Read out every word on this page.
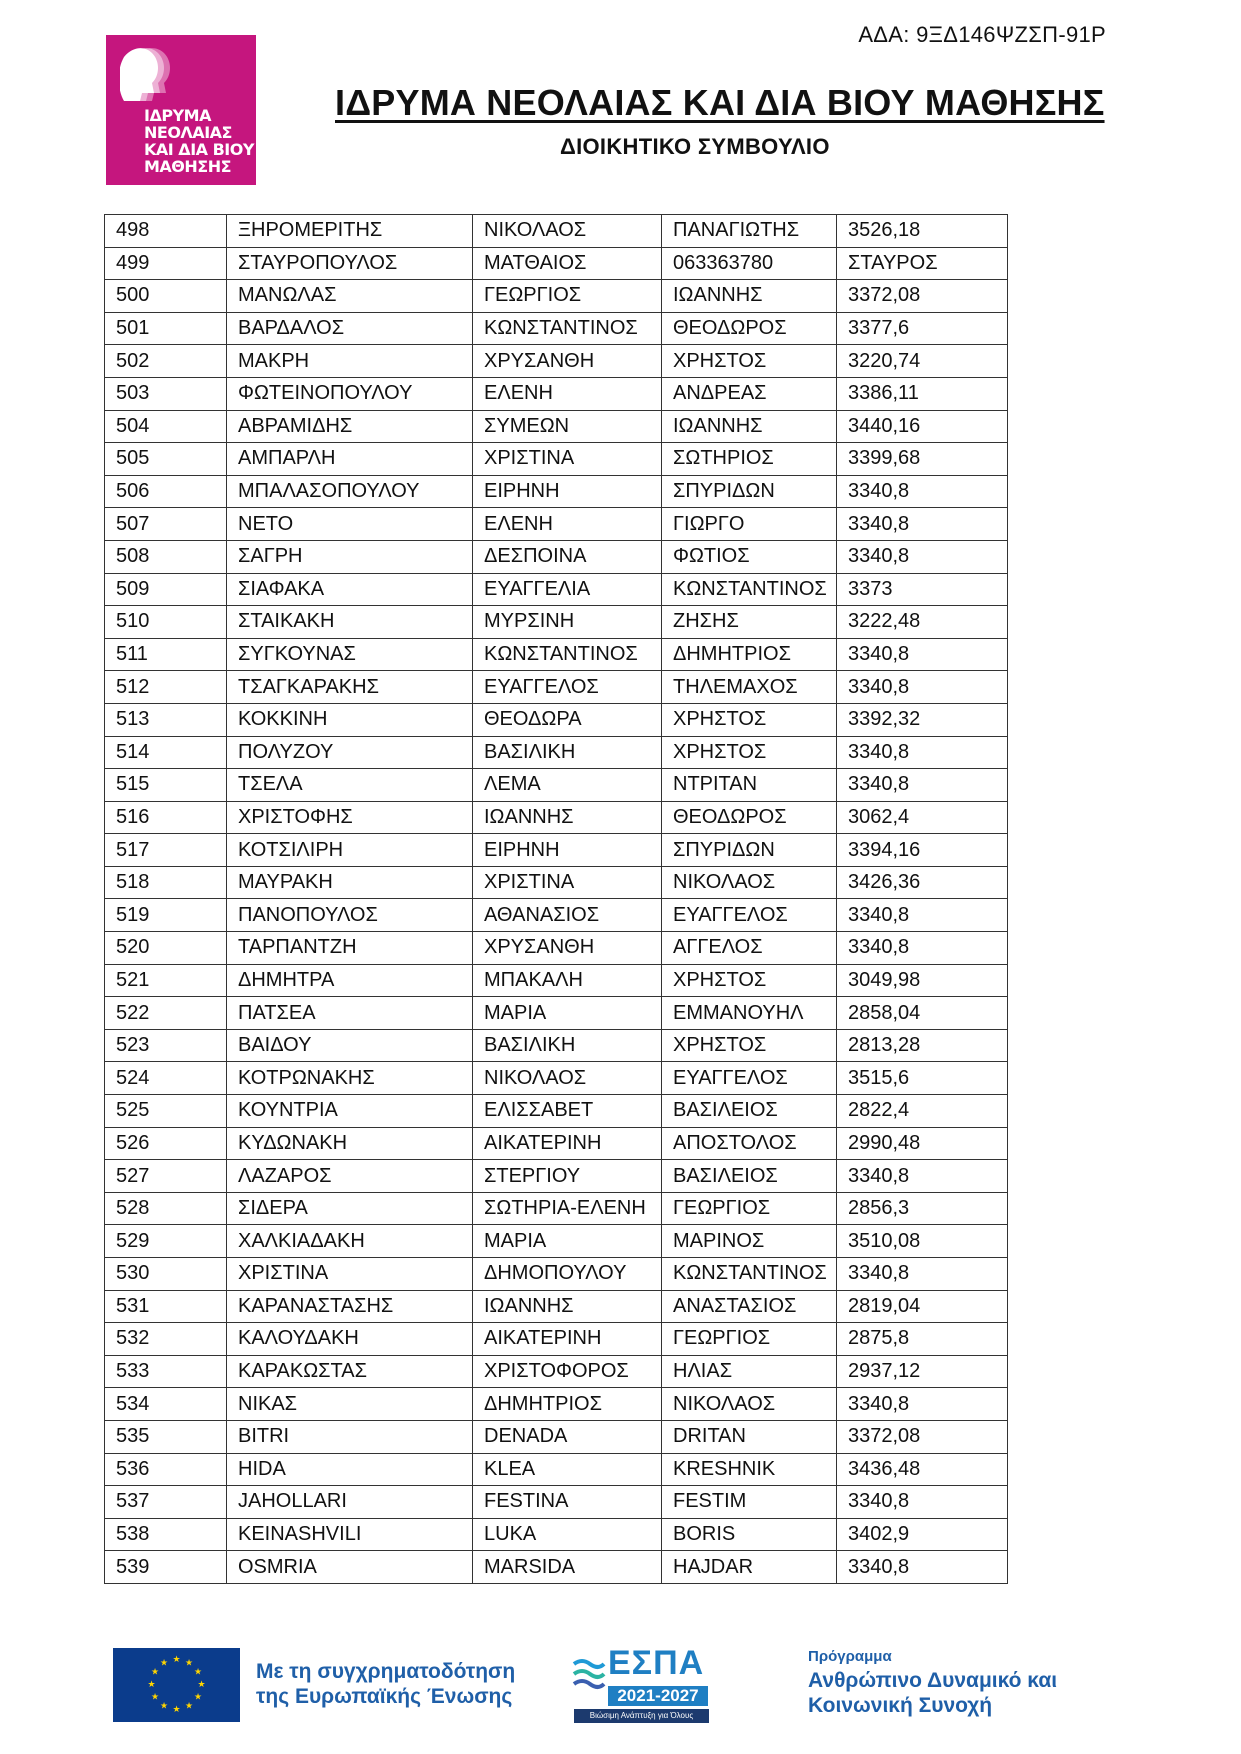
ΑΔΑ: 9ΞΔ146ΨΖΣΠ-91Ρ
ΙΔΡΥΜΑ
ΝΕΟΛΑΙΑΣ
ΚΑΙ ΔΙΑ ΒΙΟΥ
ΜΑΘΗΣΗΣ
ΙΔΡΥΜΑ ΝΕΟΛΑΙΑΣ ΚΑΙ ΔΙΑ ΒΙΟΥ ΜΑΘΗΣΗΣ
ΔΙΟΙΚΗΤΙΚΟ ΣΥΜΒΟΥΛΙΟ
498	ΞΗΡΟΜΕΡΙΤΗΣ	ΝΙΚΟΛΑΟΣ	ΠΑΝΑΓΙΩΤΗΣ	3526,18
499	ΣΤΑΥΡΟΠΟΥΛΟΣ	ΜΑΤΘΑΙΟΣ	063363780	ΣΤΑΥΡΟΣ
500	ΜΑΝΩΛΑΣ	ΓΕΩΡΓΙΟΣ	ΙΩΑΝΝΗΣ	3372,08
501	ΒΑΡΔΑΛΟΣ	ΚΩΝΣΤΑΝΤΙΝΟΣ	ΘΕΟΔΩΡΟΣ	3377,6
502	ΜΑΚΡΗ	ΧΡΥΣΑΝΘΗ	ΧΡΗΣΤΟΣ	3220,74
503	ΦΩΤΕΙΝΟΠΟΥΛΟΥ	ΕΛΕΝΗ	ΑΝΔΡΕΑΣ	3386,11
504	ΑΒΡΑΜΙΔΗΣ	ΣΥΜΕΩΝ	ΙΩΑΝΝΗΣ	3440,16
505	ΑΜΠΑΡΛΗ	ΧΡΙΣΤΙΝΑ	ΣΩΤΗΡΙΟΣ	3399,68
506	ΜΠΑΛΑΣΟΠΟΥΛΟΥ	ΕΙΡΗΝΗ	ΣΠΥΡΙΔΩΝ	3340,8
507	ΝΕΤΟ	ΕΛΕΝΗ	ΓΙΩΡΓΟ	3340,8
508	ΣΑΓΡΗ	ΔΕΣΠΟΙΝΑ	ΦΩΤΙΟΣ	3340,8
509	ΣΙΑΦΑΚΑ	ΕΥΑΓΓΕΛΙΑ	ΚΩΝΣΤΑΝΤΙΝΟΣ	3373
510	ΣΤΑΙΚΑΚΗ	ΜΥΡΣΙΝΗ	ΖΗΣΗΣ	3222,48
511	ΣΥΓΚΟΥΝΑΣ	ΚΩΝΣΤΑΝΤΙΝΟΣ	ΔΗΜΗΤΡΙΟΣ	3340,8
512	ΤΣΑΓΚΑΡΑΚΗΣ	ΕΥΑΓΓΕΛΟΣ	ΤΗΛΕΜΑΧΟΣ	3340,8
513	ΚΟΚΚΙΝΗ	ΘΕΟΔΩΡΑ	ΧΡΗΣΤΟΣ	3392,32
514	ΠΟΛΥΖΟΥ	ΒΑΣΙΛΙΚΗ	ΧΡΗΣΤΟΣ	3340,8
515	ΤΣΕΛΑ	ΛΕΜΑ	ΝΤΡΙΤΑΝ	3340,8
516	ΧΡΙΣΤΟΦΗΣ	ΙΩΑΝΝΗΣ	ΘΕΟΔΩΡΟΣ	3062,4
517	ΚΟΤΣΙΛΙΡΗ	ΕΙΡΗΝΗ	ΣΠΥΡΙΔΩΝ	3394,16
518	ΜΑΥΡΑΚΗ	ΧΡΙΣΤΙΝΑ	ΝΙΚΟΛΑΟΣ	3426,36
519	ΠΑΝΟΠΟΥΛΟΣ	ΑΘΑΝΑΣΙΟΣ	ΕΥΑΓΓΕΛΟΣ	3340,8
520	ΤΑΡΠΑΝΤΖΗ	ΧΡΥΣΑΝΘΗ	ΑΓΓΕΛΟΣ	3340,8
521	ΔΗΜΗΤΡΑ	ΜΠΑΚΑΛΗ	ΧΡΗΣΤΟΣ	3049,98
522	ΠΑΤΣΕΑ	ΜΑΡΙΑ	ΕΜΜΑΝΟΥΗΛ	2858,04
523	ΒΑΙΔΟΥ	ΒΑΣΙΛΙΚΗ	ΧΡΗΣΤΟΣ	2813,28
524	ΚΟΤΡΩΝΑΚΗΣ	ΝΙΚΟΛΑΟΣ	ΕΥΑΓΓΕΛΟΣ	3515,6
525	ΚΟΥΝΤΡΙΑ	ΕΛΙΣΣΑΒΕΤ	ΒΑΣΙΛΕΙΟΣ	2822,4
526	ΚΥΔΩΝΑΚΗ	ΑΙΚΑΤΕΡΙΝΗ	ΑΠΟΣΤΟΛΟΣ	2990,48
527	ΛΑΖΑΡΟΣ	ΣΤΕΡΓΙΟΥ	ΒΑΣΙΛΕΙΟΣ	3340,8
528	ΣΙΔΕΡΑ	ΣΩΤΗΡΙΑ-ΕΛΕΝΗ	ΓΕΩΡΓΙΟΣ	2856,3
529	ΧΑΛΚΙΑΔΑΚΗ	ΜΑΡΙΑ	ΜΑΡΙΝΟΣ	3510,08
530	ΧΡΙΣΤΙΝΑ	ΔΗΜΟΠΟΥΛΟΥ	ΚΩΝΣΤΑΝΤΙΝΟΣ	3340,8
531	ΚΑΡΑΝΑΣΤΑΣΗΣ	ΙΩΑΝΝΗΣ	ΑΝΑΣΤΑΣΙΟΣ	2819,04
532	ΚΑΛΟΥΔΑΚΗ	ΑΙΚΑΤΕΡΙΝΗ	ΓΕΩΡΓΙΟΣ	2875,8
533	ΚΑΡΑΚΩΣΤΑΣ	ΧΡΙΣΤΟΦΟΡΟΣ	ΗΛΙΑΣ	2937,12
534	ΝΙΚΑΣ	ΔΗΜΗΤΡΙΟΣ	ΝΙΚΟΛΑΟΣ	3340,8
535	BITRI	DENADA	DRITAN	3372,08
536	HIDA	KLEA	KRESHNIK	3436,48
537	JAHOLLARI	FESTINA	FESTIM	3340,8
538	KEINASHVILI	LUKA	BORIS	3402,9
539	OSMRIA	MARSIDA	HAJDAR	3340,8
★ ★
★
★
★
★
★
★
★
★
★
★	Με τη συγχρηματοδότηση
της Ευρωπαϊκής Ένωσης
ΕΣΠΑ
2021-2027
Βιώσιμη Ανάπτυξη για Όλους
Πρόγραμμα
Ανθρώπινο Δυναμικό και
Κοινωνική Συνοχή
